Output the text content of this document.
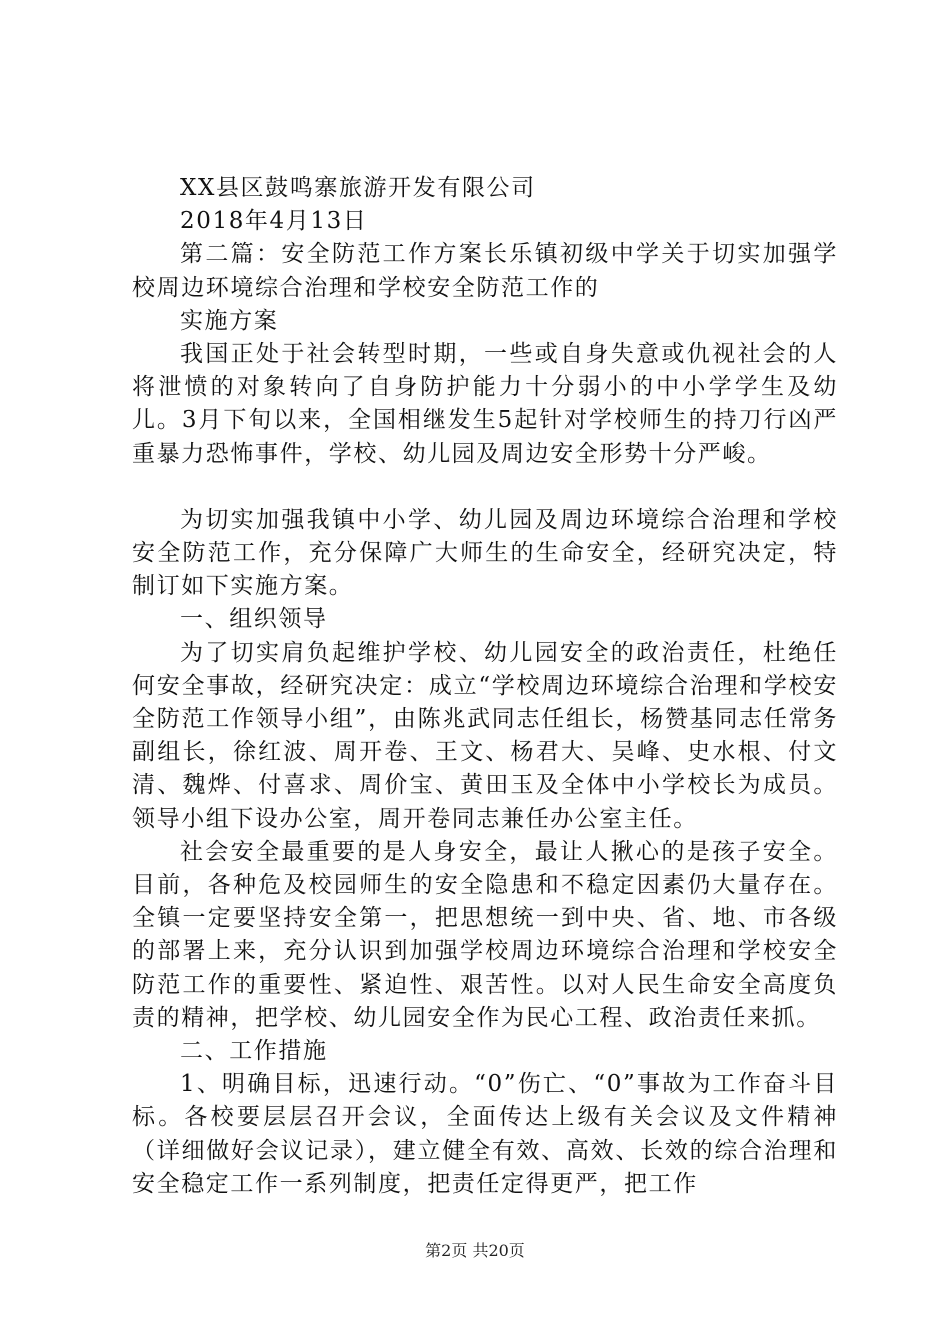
XX县区鼓鸣寨旅游开发有限公司

2018年4月13日

第二篇：安全防范工作方案长乐镇初级中学关于切实加强学校周边环境综合治理和学校安全防范工作的

实施方案

我国正处于社会转型时期，一些或自身失意或仇视社会的人将泄愤的对象转向了自身防护能力十分弱小的中小学学生及幼儿。3月下旬以来，全国相继发生5起针对学校师生的持刀行凶严重暴力恐怖事件，学校、幼儿园及周边安全形势十分严峻。

为切实加强我镇中小学、幼儿园及周边环境综合治理和学校安全防范工作，充分保障广大师生的生命安全，经研究决定，特制订如下实施方案。

一、组织领导

为了切实肩负起维护学校、幼儿园安全的政治责任，杜绝任何安全事故，经研究决定：成立“学校周边环境综合治理和学校安全防范工作领导小组”，由陈兆武同志任组长，杨赞基同志任常务副组长，徐红波、周开卷、王文、杨君大、吴峰、史水根、付文清、魏烨、付喜求、周价宝、黄田玉及全体中小学校长为成员。领导小组下设办公室，周开卷同志兼任办公室主任。

社会安全最重要的是人身安全，最让人揪心的是孩子安全。目前，各种危及校园师生的安全隐患和不稳定因素仍大量存在。全镇一定要坚持安全第一，把思想统一到中央、省、地、市各级的部署上来，充分认识到加强学校周边环境综合治理和学校安全防范工作的重要性、紧迫性、艰苦性。以对人民生命安全高度负责的精神，把学校、幼儿园安全作为民心工程、政治责任来抓。

二、工作措施

1、明确目标，迅速行动。“0”伤亡、“0”事故为工作奋斗目标。各校要层层召开会议，全面传达上级有关会议及文件精神（详细做好会议记录），建立健全有效、高效、长效的综合治理和安全稳定工作一系列制度，把责任定得更严，把工作

第2页 共20页
